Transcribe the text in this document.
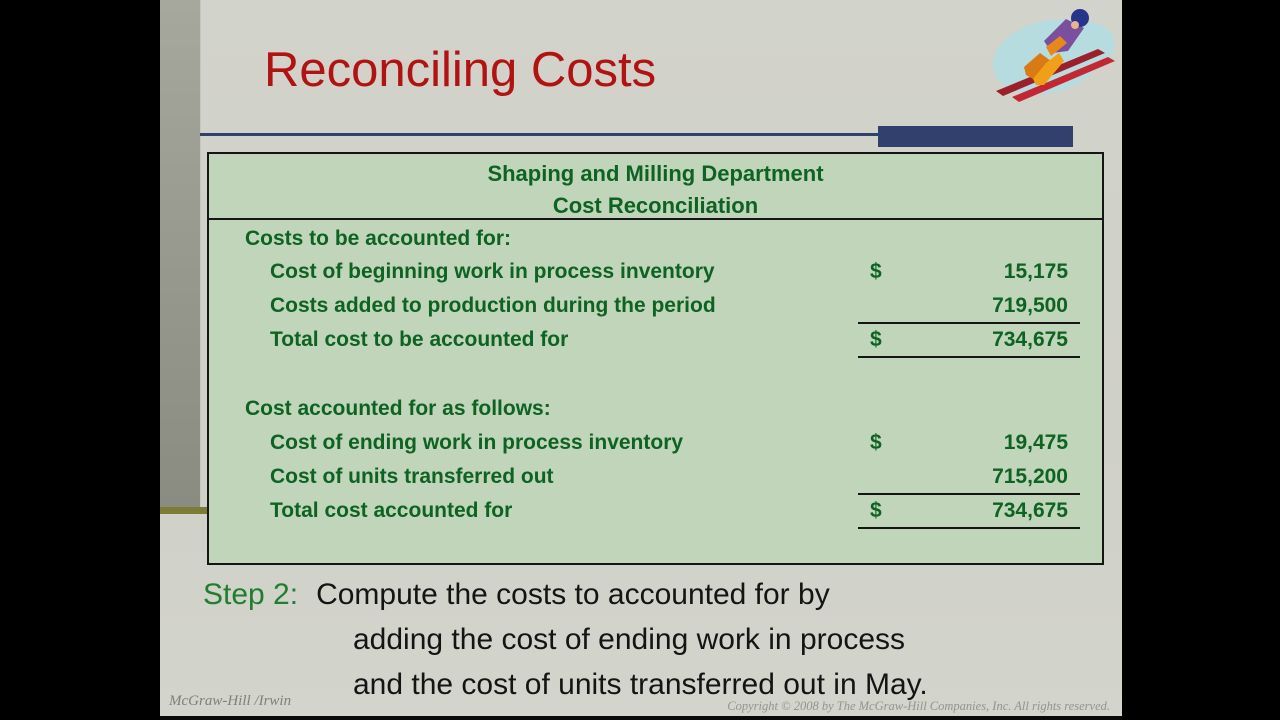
Reconciling Costs
Shaping and Milling Department
Cost Reconciliation
Costs to be accounted for:
Cost of beginning work in process inventory	$	15,175
Costs added to production during the period	719,500
Total cost to be accounted for	$	734,675
Cost accounted for as follows:
Cost of ending work in process inventory	$	19,475
Cost of units transferred out	715,200
Total cost accounted for	$	734,675
Step 2: Compute the costs to accounted for by
adding the cost of ending work in process
and the cost of units transferred out in May.
McGraw-Hill /Irwin	Copyright © 2008 by The McGraw-Hill Companies, Inc. All rights reserved.
